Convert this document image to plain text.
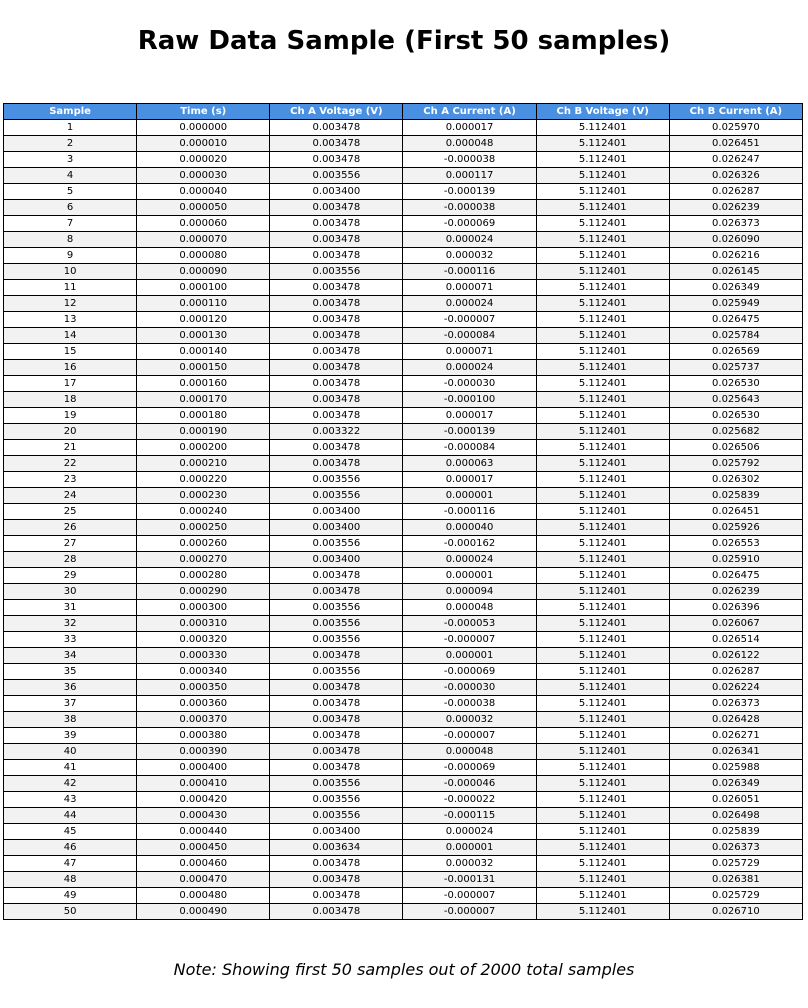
Raw Data Sample (First 50 samples)
Sample	Time (s)	Ch A Voltage (V)	Ch A Current (A)	Ch B Voltage (V)	Ch B Current (A)
1	0.000000	0.003478	0.000017	5.112401	0.025970
2	0.000010	0.003478	0.000048	5.112401	0.026451
3	0.000020	0.003478	-0.000038	5.112401	0.026247
4	0.000030	0.003556	0.000117	5.112401	0.026326
5	0.000040	0.003400	-0.000139	5.112401	0.026287
6	0.000050	0.003478	-0.000038	5.112401	0.026239
7	0.000060	0.003478	-0.000069	5.112401	0.026373
8	0.000070	0.003478	0.000024	5.112401	0.026090
9	0.000080	0.003478	0.000032	5.112401	0.026216
10	0.000090	0.003556	-0.000116	5.112401	0.026145
11	0.000100	0.003478	0.000071	5.112401	0.026349
12	0.000110	0.003478	0.000024	5.112401	0.025949
13	0.000120	0.003478	-0.000007	5.112401	0.026475
14	0.000130	0.003478	-0.000084	5.112401	0.025784
15	0.000140	0.003478	0.000071	5.112401	0.026569
16	0.000150	0.003478	0.000024	5.112401	0.025737
17	0.000160	0.003478	-0.000030	5.112401	0.026530
18	0.000170	0.003478	-0.000100	5.112401	0.025643
19	0.000180	0.003478	0.000017	5.112401	0.026530
20	0.000190	0.003322	-0.000139	5.112401	0.025682
21	0.000200	0.003478	-0.000084	5.112401	0.026506
22	0.000210	0.003478	0.000063	5.112401	0.025792
23	0.000220	0.003556	0.000017	5.112401	0.026302
24	0.000230	0.003556	0.000001	5.112401	0.025839
25	0.000240	0.003400	-0.000116	5.112401	0.026451
26	0.000250	0.003400	0.000040	5.112401	0.025926
27	0.000260	0.003556	-0.000162	5.112401	0.026553
28	0.000270	0.003400	0.000024	5.112401	0.025910
29	0.000280	0.003478	0.000001	5.112401	0.026475
30	0.000290	0.003478	0.000094	5.112401	0.026239
31	0.000300	0.003556	0.000048	5.112401	0.026396
32	0.000310	0.003556	-0.000053	5.112401	0.026067
33	0.000320	0.003556	-0.000007	5.112401	0.026514
34	0.000330	0.003478	0.000001	5.112401	0.026122
35	0.000340	0.003556	-0.000069	5.112401	0.026287
36	0.000350	0.003478	-0.000030	5.112401	0.026224
37	0.000360	0.003478	-0.000038	5.112401	0.026373
38	0.000370	0.003478	0.000032	5.112401	0.026428
39	0.000380	0.003478	-0.000007	5.112401	0.026271
40	0.000390	0.003478	0.000048	5.112401	0.026341
41	0.000400	0.003478	-0.000069	5.112401	0.025988
42	0.000410	0.003556	-0.000046	5.112401	0.026349
43	0.000420	0.003556	-0.000022	5.112401	0.026051
44	0.000430	0.003556	-0.000115	5.112401	0.026498
45	0.000440	0.003400	0.000024	5.112401	0.025839
46	0.000450	0.003634	0.000001	5.112401	0.026373
47	0.000460	0.003478	0.000032	5.112401	0.025729
48	0.000470	0.003478	-0.000131	5.112401	0.026381
49	0.000480	0.003478	-0.000007	5.112401	0.025729
50	0.000490	0.003478	-0.000007	5.112401	0.026710
Note: Showing first 50 samples out of 2000 total samples
